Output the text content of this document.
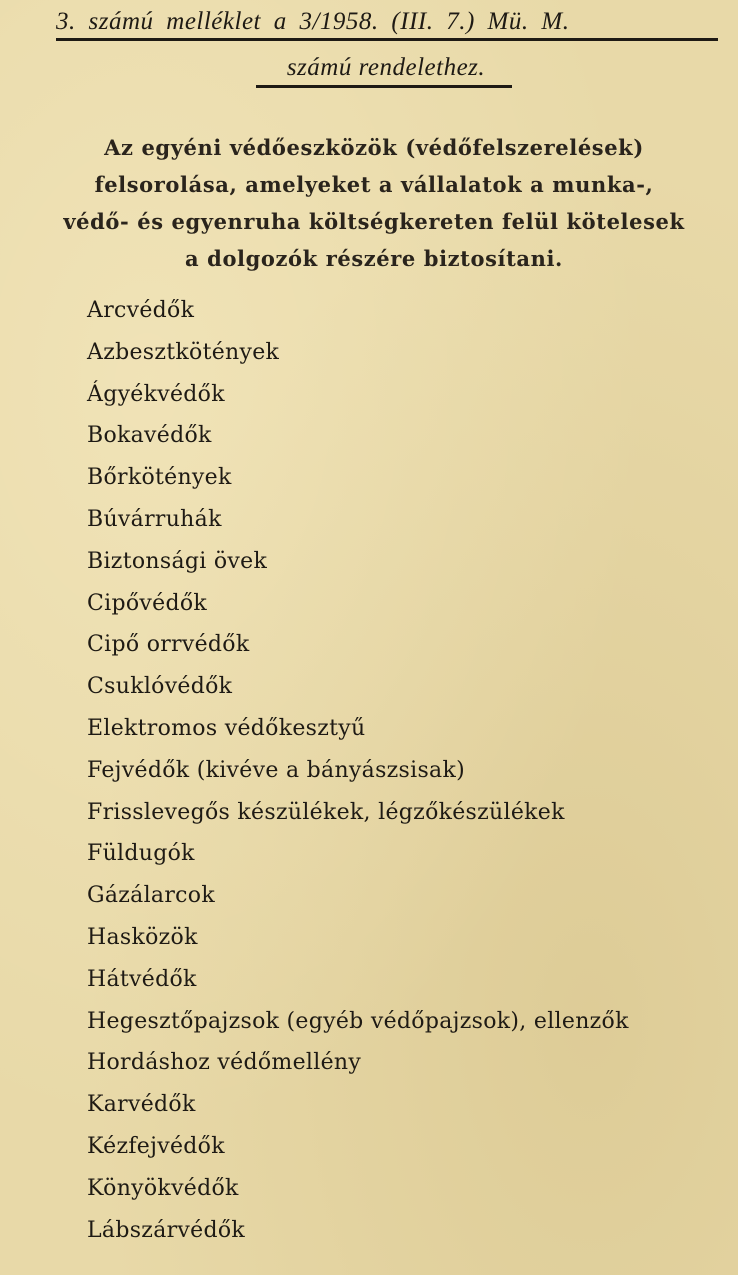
3. számú melléklet a 3/1958. (III. 7.) Mü. M.
számú rendelethez.
Az egyéni védőeszközök (védőfelszerelések)
felsorolása, amelyeket a vállalatok a munka-,
védő- és egyenruha költségkereten felül kötelesek
a dolgozók részére biztosítani.
Arcvédők
Azbesztkötények
Ágyékvédők
Bokavédők
Bőrkötények
Búvárruhák
Biztonsági övek
Cipővédők
Cipő orrvédők
Csuklóvédők
Elektromos védőkesztyű
Fejvédők (kivéve a bányászsisak)
Frisslevegős készülékek, légzőkészülékek
Füldugók
Gázálarcok
Hasközök
Hátvédők
Hegesztőpajzsok (egyéb védőpajzsok), ellenzők
Hordáshoz védőmellény
Karvédők
Kézfejvédők
Könyökvédők
Lábszárvédők
